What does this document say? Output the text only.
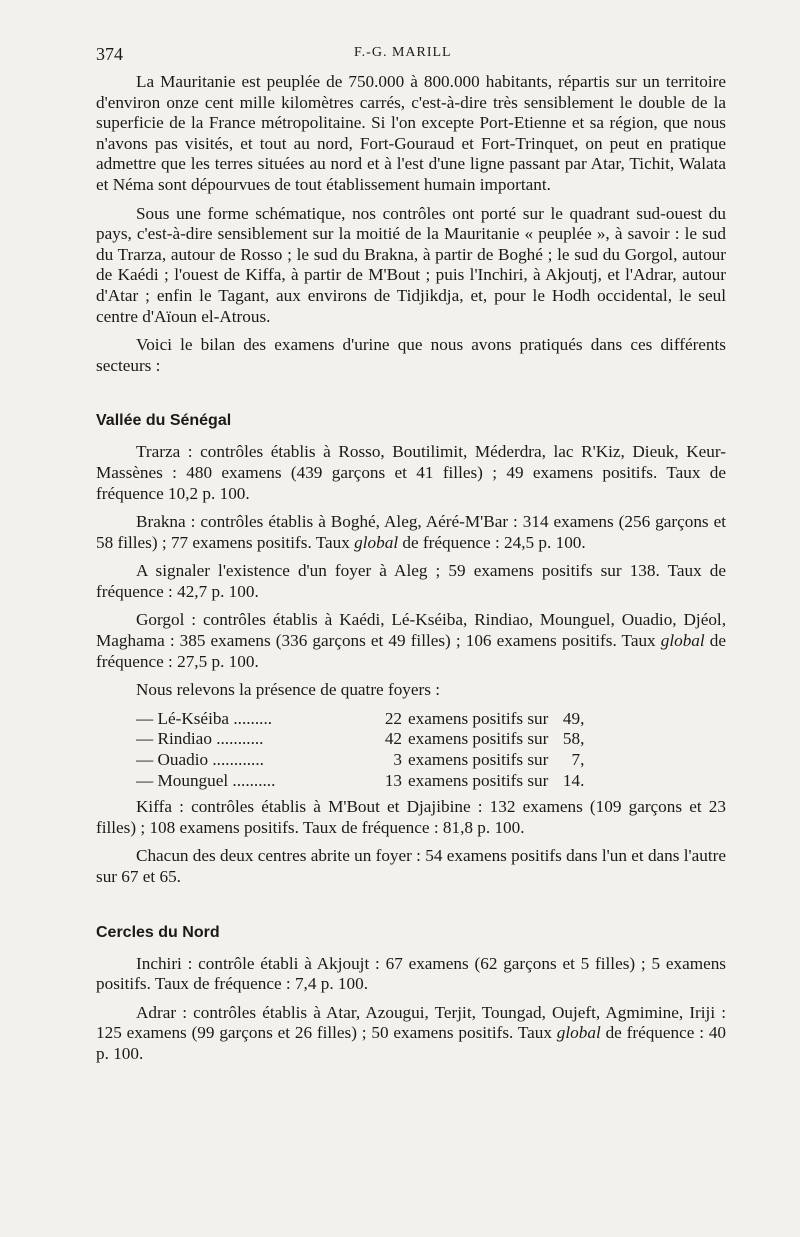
374	F.-G. MARILL

La Mauritanie est peuplée de 750.000 à 800.000 habitants, répartis sur un territoire d'environ onze cent mille kilomètres carrés, c'est-à-dire très sensiblement le double de la superficie de la France métropolitaine. Si l'on excepte Port-Etienne et sa région, que nous n'avons pas visités, et tout au nord, Fort-Gouraud et Fort-Trinquet, on peut en pratique admettre que les terres situées au nord et à l'est d'une ligne passant par Atar, Tichit, Walata et Néma sont dépourvues de tout établissement humain important.

Sous une forme schématique, nos contrôles ont porté sur le quadrant sud-ouest du pays, c'est-à-dire sensiblement sur la moitié de la Mauritanie « peuplée », à savoir : le sud du Trarza, autour de Rosso ; le sud du Brakna, à partir de Boghé ; le sud du Gorgol, autour de Kaédi ; l'ouest de Kiffa, à partir de M'Bout ; puis l'Inchiri, à Akjoutj, et l'Adrar, autour d'Atar ; enfin le Tagant, aux environs de Tidjikdja, et, pour le Hodh occidental, le seul centre d'Aïoun el-Atrous.

Voici le bilan des examens d'urine que nous avons pratiqués dans ces différents secteurs :

Vallée du Sénégal

Trarza : contrôles établis à Rosso, Boutilimit, Méderdra, lac R'Kiz, Dieuk, Keur-Massènes : 480 examens (439 garçons et 41 filles) ; 49 examens positifs. Taux de fréquence 10,2 p. 100.

Brakna : contrôles établis à Boghé, Aleg, Aéré-M'Bar : 314 examens (256 garçons et 58 filles) ; 77 examens positifs. Taux global de fréquence : 24,5 p. 100.

A signaler l'existence d'un foyer à Aleg ; 59 examens positifs sur 138. Taux de fréquence : 42,7 p. 100.

Gorgol : contrôles établis à Kaédi, Lé-Kséiba, Rindiao, Mounguel, Ouadio, Djéol, Maghama : 385 examens (336 garçons et 49 filles) ; 106 examens positifs. Taux global de fréquence : 27,5 p. 100.

Nous relevons la présence de quatre foyers :

— Lé-Kséiba .........	22 examens positifs sur 49,
— Rindiao ...........	42 examens positifs sur 58,
— Ouadio ............	3 examens positifs sur 7,
— Mounguel ..........	13 examens positifs sur 14.

Kiffa : contrôles établis à M'Bout et Djajibine : 132 examens (109 garçons et 23 filles) ; 108 examens positifs. Taux de fréquence : 81,8 p. 100.

Chacun des deux centres abrite un foyer : 54 examens positifs dans l'un et dans l'autre sur 67 et 65.

Cercles du Nord

Inchiri : contrôle établi à Akjoujt : 67 examens (62 garçons et 5 filles) ; 5 examens positifs. Taux de fréquence : 7,4 p. 100.

Adrar : contrôles établis à Atar, Azougui, Terjit, Toungad, Oujeft, Agmimine, Iriji : 125 examens (99 garçons et 26 filles) ; 50 examens positifs. Taux global de fréquence : 40 p. 100.
